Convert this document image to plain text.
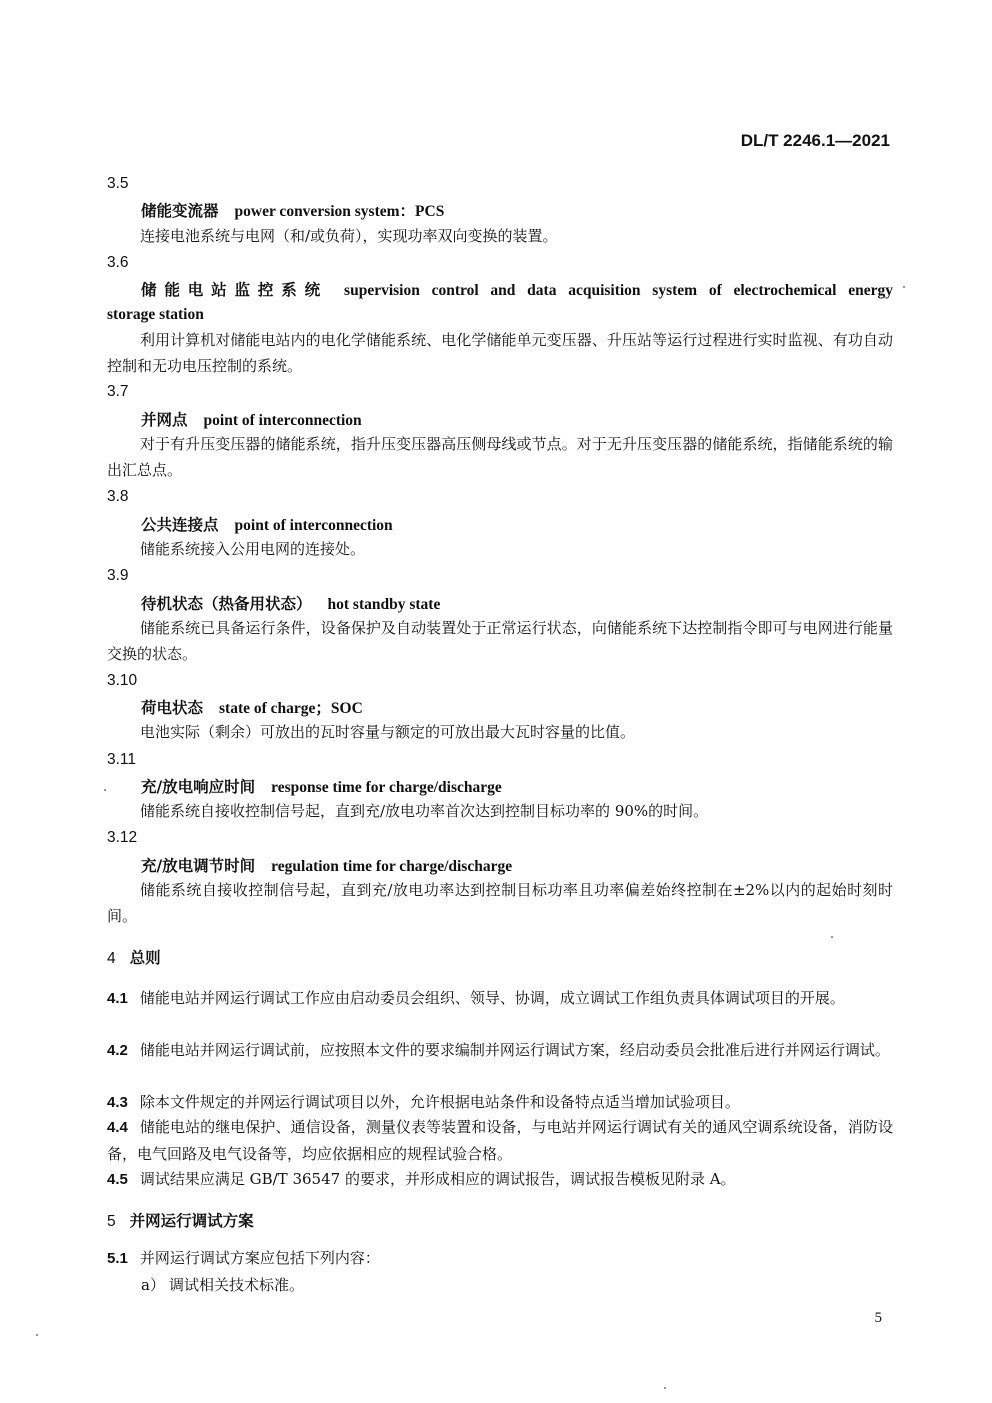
DL/T 2246.1—2021
3.5
储能变流器 power conversion system：PCS
连接电池系统与电网（和/或负荷），实现功率双向变换的装置。
3.6
储能电站监控系统 supervision control and data acquisition system of electrochemical energy
storage station
利用计算机对储能电站内的电化学储能系统、电化学储能单元变压器、升压站等运行过程进行实时监视、有功自动控制和无功电压控制的系统。
3.7
并网点 point of interconnection
对于有升压变压器的储能系统，指升压变压器高压侧母线或节点。对于无升压变压器的储能系统，指储能系统的输出汇总点。
3.8
公共连接点 point of interconnection
储能系统接入公用电网的连接处。
3.9
待机状态（热备用状态） hot standby state
储能系统已具备运行条件，设备保护及自动装置处于正常运行状态，向储能系统下达控制指令即可与电网进行能量交换的状态。
3.10
荷电状态 state of charge；SOC
电池实际（剩余）可放出的瓦时容量与额定的可放出最大瓦时容量的比值。
3.11
充/放电响应时间 response time for charge/discharge
储能系统自接收控制信号起，直到充/放电功率首次达到控制目标功率的 90%的时间。
3.12
充/放电调节时间 regulation time for charge/discharge
储能系统自接收控制信号起，直到充/放电功率达到控制目标功率且功率偏差始终控制在±2%以内的起始时刻时间。
4 总则
4.1 储能电站并网运行调试工作应由启动委员会组织、领导、协调，成立调试工作组负责具体调试项目的开展。
4.2 储能电站并网运行调试前，应按照本文件的要求编制并网运行调试方案，经启动委员会批准后进行并网运行调试。
4.3 除本文件规定的并网运行调试项目以外，允许根据电站条件和设备特点适当增加试验项目。
4.4 储能电站的继电保护、通信设备，测量仪表等装置和设备，与电站并网运行调试有关的通风空调系统设备，消防设备，电气回路及电气设备等，均应依据相应的规程试验合格。
4.5 调试结果应满足 GB/T 36547 的要求，并形成相应的调试报告，调试报告模板见附录 A。
5 并网运行调试方案
5.1 并网运行调试方案应包括下列内容：
a） 调试相关技术标准。
5
